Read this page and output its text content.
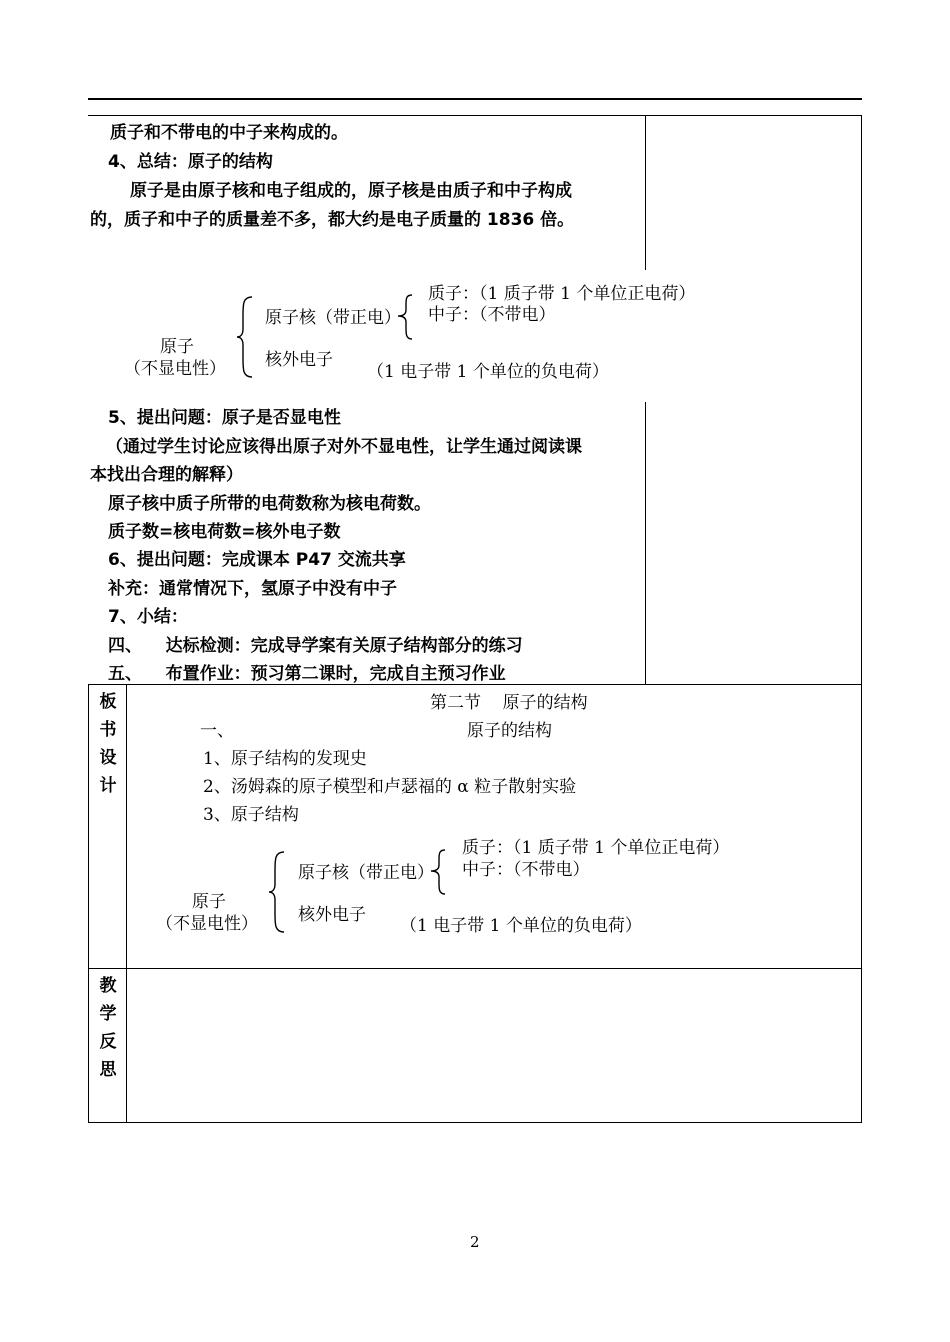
质子和不带电的中子来构成的。
4、总结：原子的结构
原子是由原子核和电子组成的，原子核是由质子和中子构成
的，质子和中子的质量差不多，都大约是电子质量的 1836 倍。
原子
（不显电性）
原子核（带正电）
质子：（1 质子带 1 个单位正电荷）
中子：（不带电）
核外电子
（1 电子带 1 个单位的负电荷）
5、提出问题：原子是否显电性
（通过学生讨论应该得出原子对外不显电性，让学生通过阅读课
本找出合理的解释）
原子核中质子所带的电荷数称为核电荷数。
质子数=核电荷数=核外电子数
6、提出问题：完成课本 P47 交流共享
补充：通常情况下，氢原子中没有中子
7、小结：
四、    达标检测：完成导学案有关原子结构部分的练习
五、    布置作业：预习第二课时，完成自主预习作业
板
书
设
计
第二节    原子的结构
一、	原子的结构
1、原子结构的发现史
2、汤姆森的原子模型和卢瑟福的 α 粒子散射实验
3、原子结构
原子
（不显电性）
原子核（带正电）
质子：（1 质子带 1 个单位正电荷）
中子：（不带电）
核外电子
（1 电子带 1 个单位的负电荷）
教
学
反
思
2
